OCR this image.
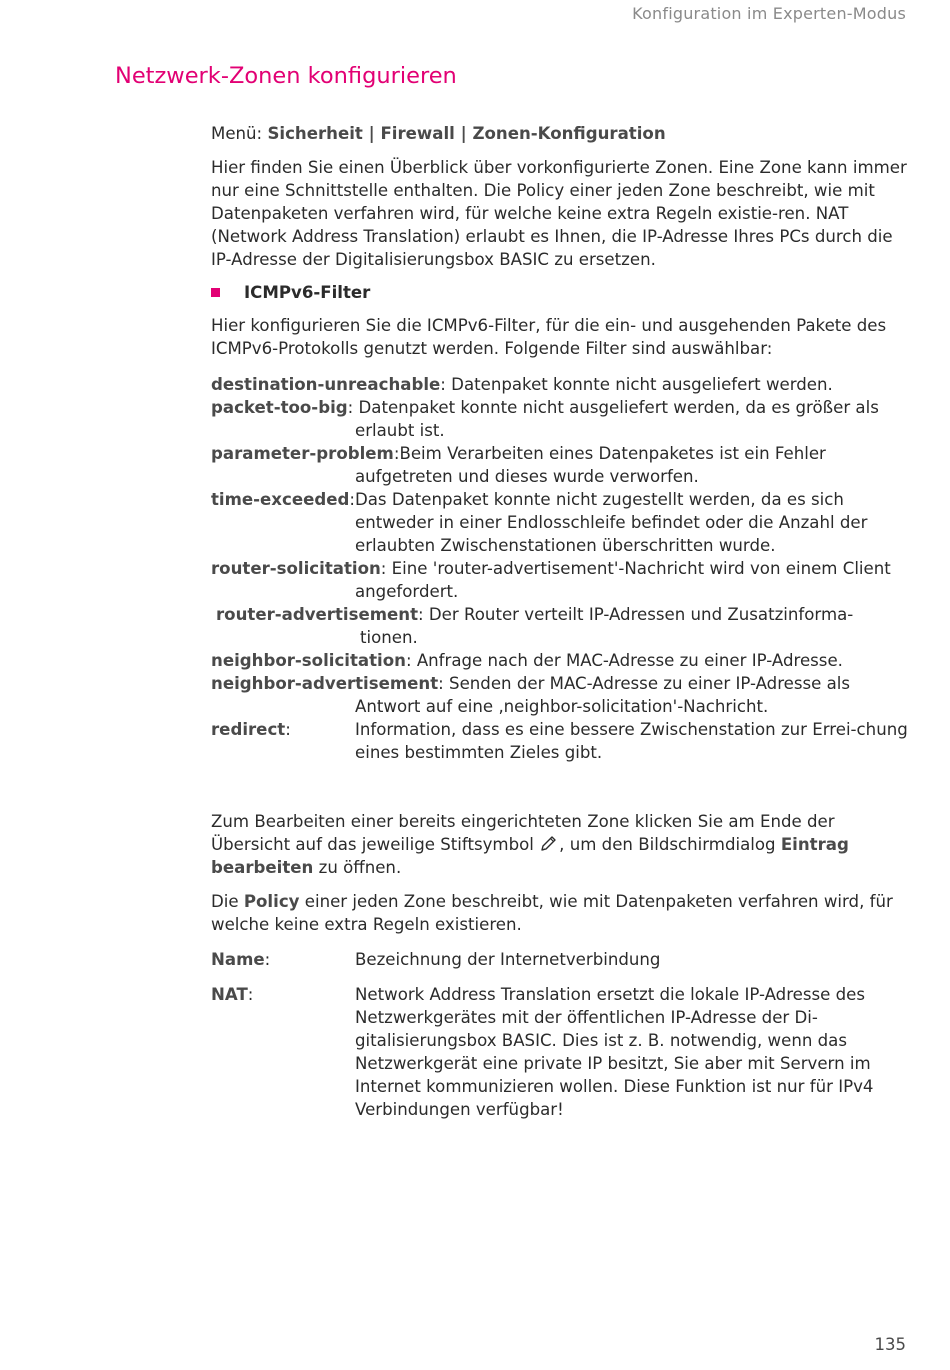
Konfiguration im Experten-Modus
Netzwerk-Zonen konfigurieren

Menü: Sicherheit | Firewall | Zonen-Konfiguration

Hier finden Sie einen Überblick über vorkonfigurierte Zonen. Eine Zone kann immer nur eine Schnittstelle enthalten. Die Policy einer jeden Zone beschreibt, wie mit Datenpaketen verfahren wird, für welche keine extra Regeln existie-ren. NAT (Network Address Translation) erlaubt es Ihnen, die IP-Adresse Ihres PCs durch die IP-Adresse der Digitalisierungsbox BASIC zu ersetzen.

ICMPv6-Filter

Hier konfigurieren Sie die ICMPv6-Filter, für die ein- und ausgehenden Pakete des ICMPv6-Protokolls genutzt werden. Folgende Filter sind auswählbar:

destination-unreachable: Datenpaket konnte nicht ausgeliefert werden.

packet-too-big: Datenpaket konnte nicht ausgeliefert werden, da es größer als erlaubt ist.

parameter-problem:Beim Verarbeiten eines Datenpaketes ist ein Fehler aufgetreten und dieses wurde verworfen.

time-exceeded:Das Datenpaket konnte nicht zugestellt werden, da es sich entweder in einer Endlosschleife befindet oder die Anzahl der erlaubten Zwischenstationen überschritten wurde.

router-solicitation: Eine 'router-advertisement'-Nachricht wird von einem Client angefordert.

router-advertisement: Der Router verteilt IP-Adressen und Zusatzinforma-tionen.

neighbor-solicitation: Anfrage nach der MAC-Adresse zu einer IP-Adresse.

neighbor-advertisement: Senden der MAC-Adresse zu einer IP-Adresse als Antwort auf eine ‚neighbor-solicitation'-Nachricht.

redirect:	Information, dass es eine bessere Zwischenstation zur Errei-chung eines bestimmten Zieles gibt.

Zum Bearbeiten einer bereits eingerichteten Zone klicken Sie am Ende der Übersicht auf das jeweilige Stiftsymbol , um den Bildschirmdialog Eintrag bearbeiten zu öffnen.

Die Policy einer jeden Zone beschreibt, wie mit Datenpaketen verfahren wird, für welche keine extra Regeln existieren.

Name:	Bezeichnung der Internetverbindung
NAT:	Network Address Translation ersetzt die lokale IP-Adresse des Netzwerkgerätes mit der öffentlichen IP-Adresse der Di-gitalisierungsbox BASIC. Dies ist z. B. notwendig, wenn das Netzwerkgerät eine private IP besitzt, Sie aber mit Servern im Internet kommunizieren wollen. Diese Funktion ist nur für IPv4 Verbindungen verfügbar!
135
